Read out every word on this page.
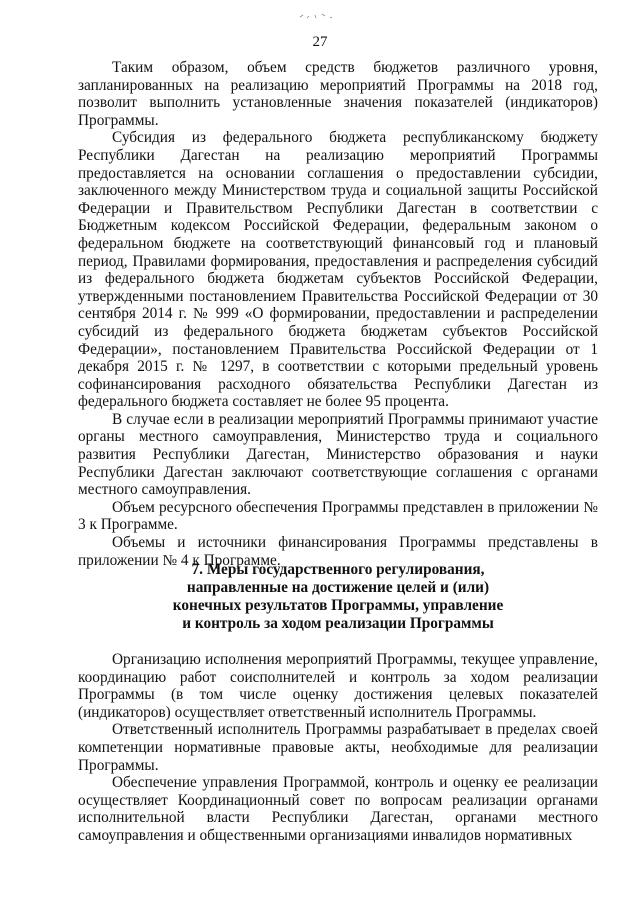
27

Таким образом, объем средств бюджетов различного уровня, запланированных на реализацию мероприятий Программы на 2018 год, позволит выполнить установленные значения показателей (индикаторов) Программы.

Субсидия из федерального бюджета республиканскому бюджету Республики Дагестан на реализацию мероприятий Программы предоставляется на основании соглашения о предоставлении субсидии, заключенного между Министерством труда и социальной защиты Российской Федерации и Правительством Республики Дагестан в соответствии с Бюджетным кодексом Российской Федерации, федеральным законом о федеральном бюджете на соответствующий финансовый год и плановый период, Правилами формирования, предоставления и распределения субсидий из федерального бюджета бюджетам субъектов Российской Федерации, утвержденными постановлением Правительства Российской Федерации от 30 сентября 2014 г. № 999 «О формировании, предоставлении и распределении субсидий из федерального бюджета бюджетам субъектов Российской Федерации», постановлением Правительства Российской Федерации от 1 декабря 2015 г. № 1297, в соответствии с которыми предельный уровень софинансирования расходного обязательства Республики Дагестан из федерального бюджета составляет не более 95 процента.

В случае если в реализации мероприятий Программы принимают участие органы местного самоуправления, Министерство труда и социального развития Республики Дагестан, Министерство образования и науки Республики Дагестан заключают соответствующие соглашения с органами местного самоуправления.

Объем ресурсного обеспечения Программы представлен в приложении № 3 к Программе.

Объемы и источники финансирования Программы представлены в приложении № 4 к Программе.

7. Меры государственного регулирования,
направленные на достижение целей и (или)
конечных результатов Программы, управление
и контроль за ходом реализации Программы

Организацию исполнения мероприятий Программы, текущее управление, координацию работ соисполнителей и контроль за ходом реализации Программы (в том числе оценку достижения целевых показателей (индикаторов) осуществляет ответственный исполнитель Программы.

Ответственный исполнитель Программы разрабатывает в пределах своей компетенции нормативные правовые акты, необходимые для реализации Программы.

Обеспечение управления Программой, контроль и оценку ее реализации осуществляет Координационный совет по вопросам реализации органами исполнительной власти Республики Дагестан, органами местного самоуправления и общественными организациями инвалидов нормативных
